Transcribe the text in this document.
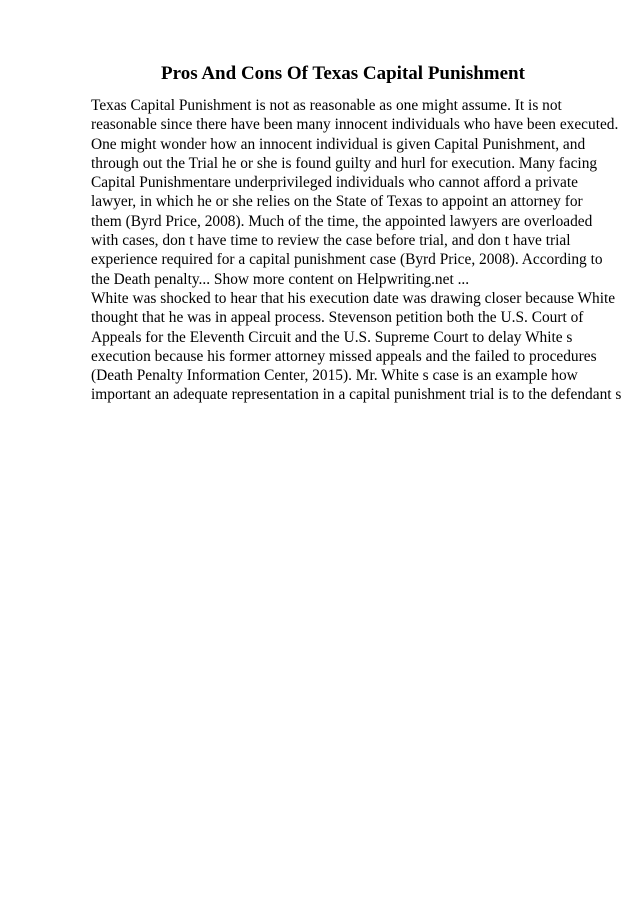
Pros And Cons Of Texas Capital Punishment
Texas Capital Punishment is not as reasonable as one might assume. It is not
reasonable since there have been many innocent individuals who have been executed.
One might wonder how an innocent individual is given Capital Punishment, and
through out the Trial he or she is found guilty and hurl for execution. Many facing
Capital Punishmentare underprivileged individuals who cannot afford a private
lawyer, in which he or she relies on the State of Texas to appoint an attorney for
them (Byrd Price, 2008). Much of the time, the appointed lawyers are overloaded
with cases, don t have time to review the case before trial, and don t have trial
experience required for a capital punishment case (Byrd Price, 2008). According to
the Death penalty... Show more content on Helpwriting.net ...
White was shocked to hear that his execution date was drawing closer because White
thought that he was in appeal process. Stevenson petition both the U.S. Court of
Appeals for the Eleventh Circuit and the U.S. Supreme Court to delay White s
execution because his former attorney missed appeals and the failed to procedures
(Death Penalty Information Center, 2015). Mr. White s case is an example how
important an adequate representation in a capital punishment trial is to the defendant s
